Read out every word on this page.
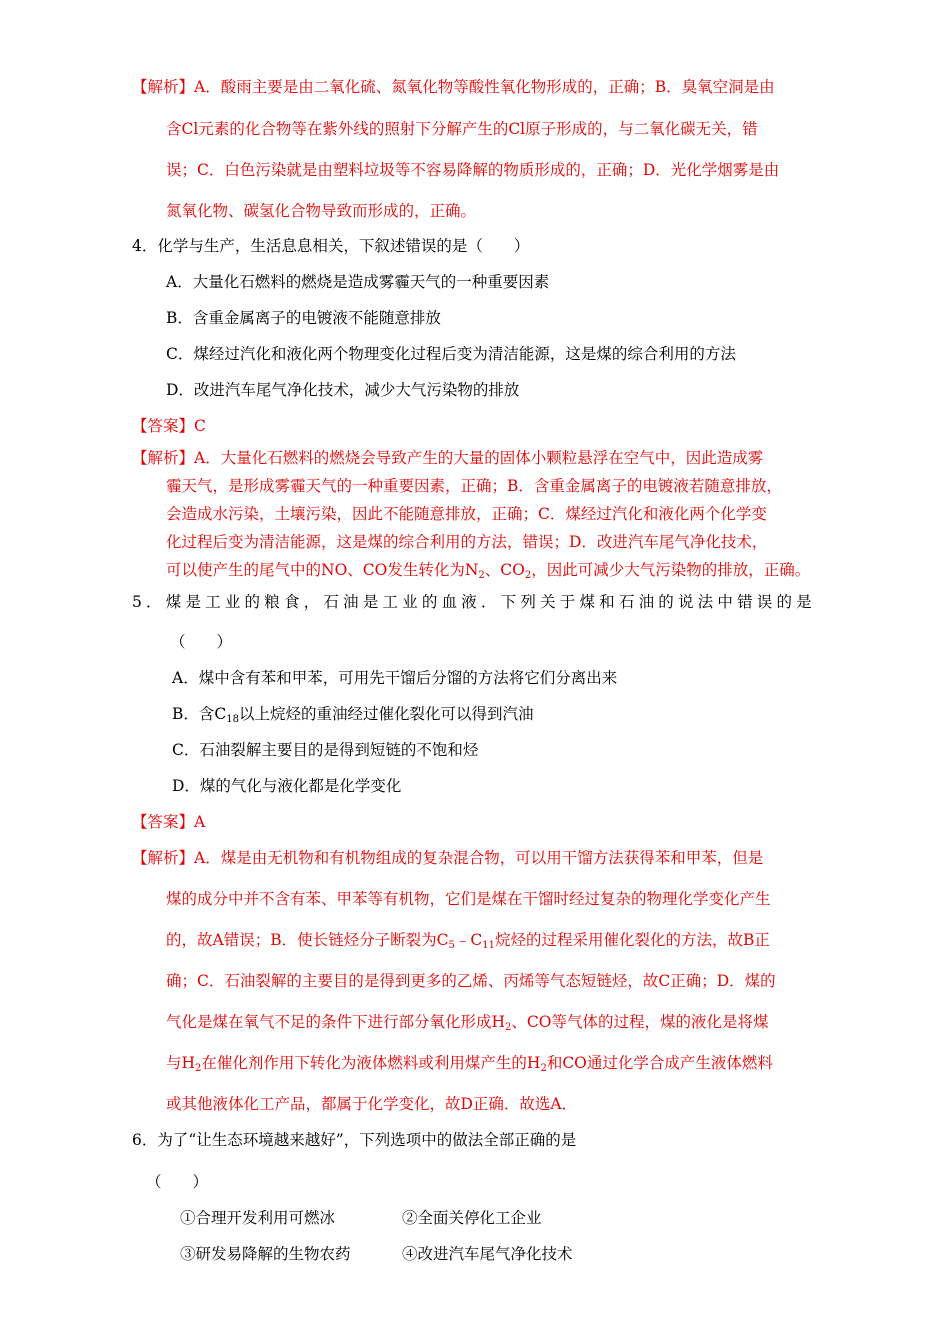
【解析】A．酸雨主要是由二氧化硫、氮氧化物等酸性氧化物形成的，正确；B．臭氧空洞是由
含Cl元素的化合物等在紫外线的照射下分解产生的Cl原子形成的，与二氧化碳无关，错
误；C．白色污染就是由塑料垃圾等不容易降解的物质形成的，正确；D．光化学烟雾是由
氮氧化物、碳氢化合物导致而形成的，正确。
4．化学与生产，生活息息相关，下叙述错误的是（　　）
A．大量化石燃料的燃烧是造成雾霾天气的一种重要因素
B．含重金属离子的电镀液不能随意排放
C．煤经过汽化和液化两个物理变化过程后变为清洁能源，这是煤的综合利用的方法
D．改进汽车尾气净化技术，减少大气污染物的排放
【答案】C
【解析】A．大量化石燃料的燃烧会导致产生的大量的固体小颗粒悬浮在空气中，因此造成雾
霾天气，是形成雾霾天气的一种重要因素，正确；B．含重金属离子的电镀液若随意排放，
会造成水污染，土壤污染，因此不能随意排放，正确；C．煤经过汽化和液化两个化学变
化过程后变为清洁能源，这是煤的综合利用的方法，错误；D．改进汽车尾气净化技术，
可以使产生的尾气中的NO、CO发生转化为$N_2$、$CO_2$，因此可减少大气污染物的排放，正确。
5．煤是工业的粮食，石油是工业的血液．下列关于煤和石油的说法中错误的是
（　　）
A．煤中含有苯和甲苯，可用先干馏后分馏的方法将它们分离出来
B．含$C_{18}$以上烷烃的重油经过催化裂化可以得到汽油
C．石油裂解主要目的是得到短链的不饱和烃
D．煤的气化与液化都是化学变化
【答案】A
【解析】A．煤是由无机物和有机物组成的复杂混合物，可以用干馏方法获得苯和甲苯，但是
煤的成分中并不含有苯、甲苯等有机物，它们是煤在干馏时经过复杂的物理化学变化产生
的，故A错误；B．使长链烃分子断裂为$C_5﹣C_{11}$烷烃的过程采用催化裂化的方法，故B正
确；C．石油裂解的主要目的是得到更多的乙烯、丙烯等气态短链烃，故C正确；D．煤的
气化是煤在氧气不足的条件下进行部分氧化形成$H_2$、CO等气体的过程，煤的液化是将煤
与$H_2$在催化剂作用下转化为液体燃料或利用煤产生的$H_2$和CO通过化学合成产生液体燃料
或其他液体化工产品，都属于化学变化，故D正确．故选A．
6．为了“让生态环境越来越好”，下列选项中的做法全部正确的是
（　　）
①合理开发利用可燃冰	②全面关停化工企业
③研发易降解的生物农药	④改进汽车尾气净化技术
